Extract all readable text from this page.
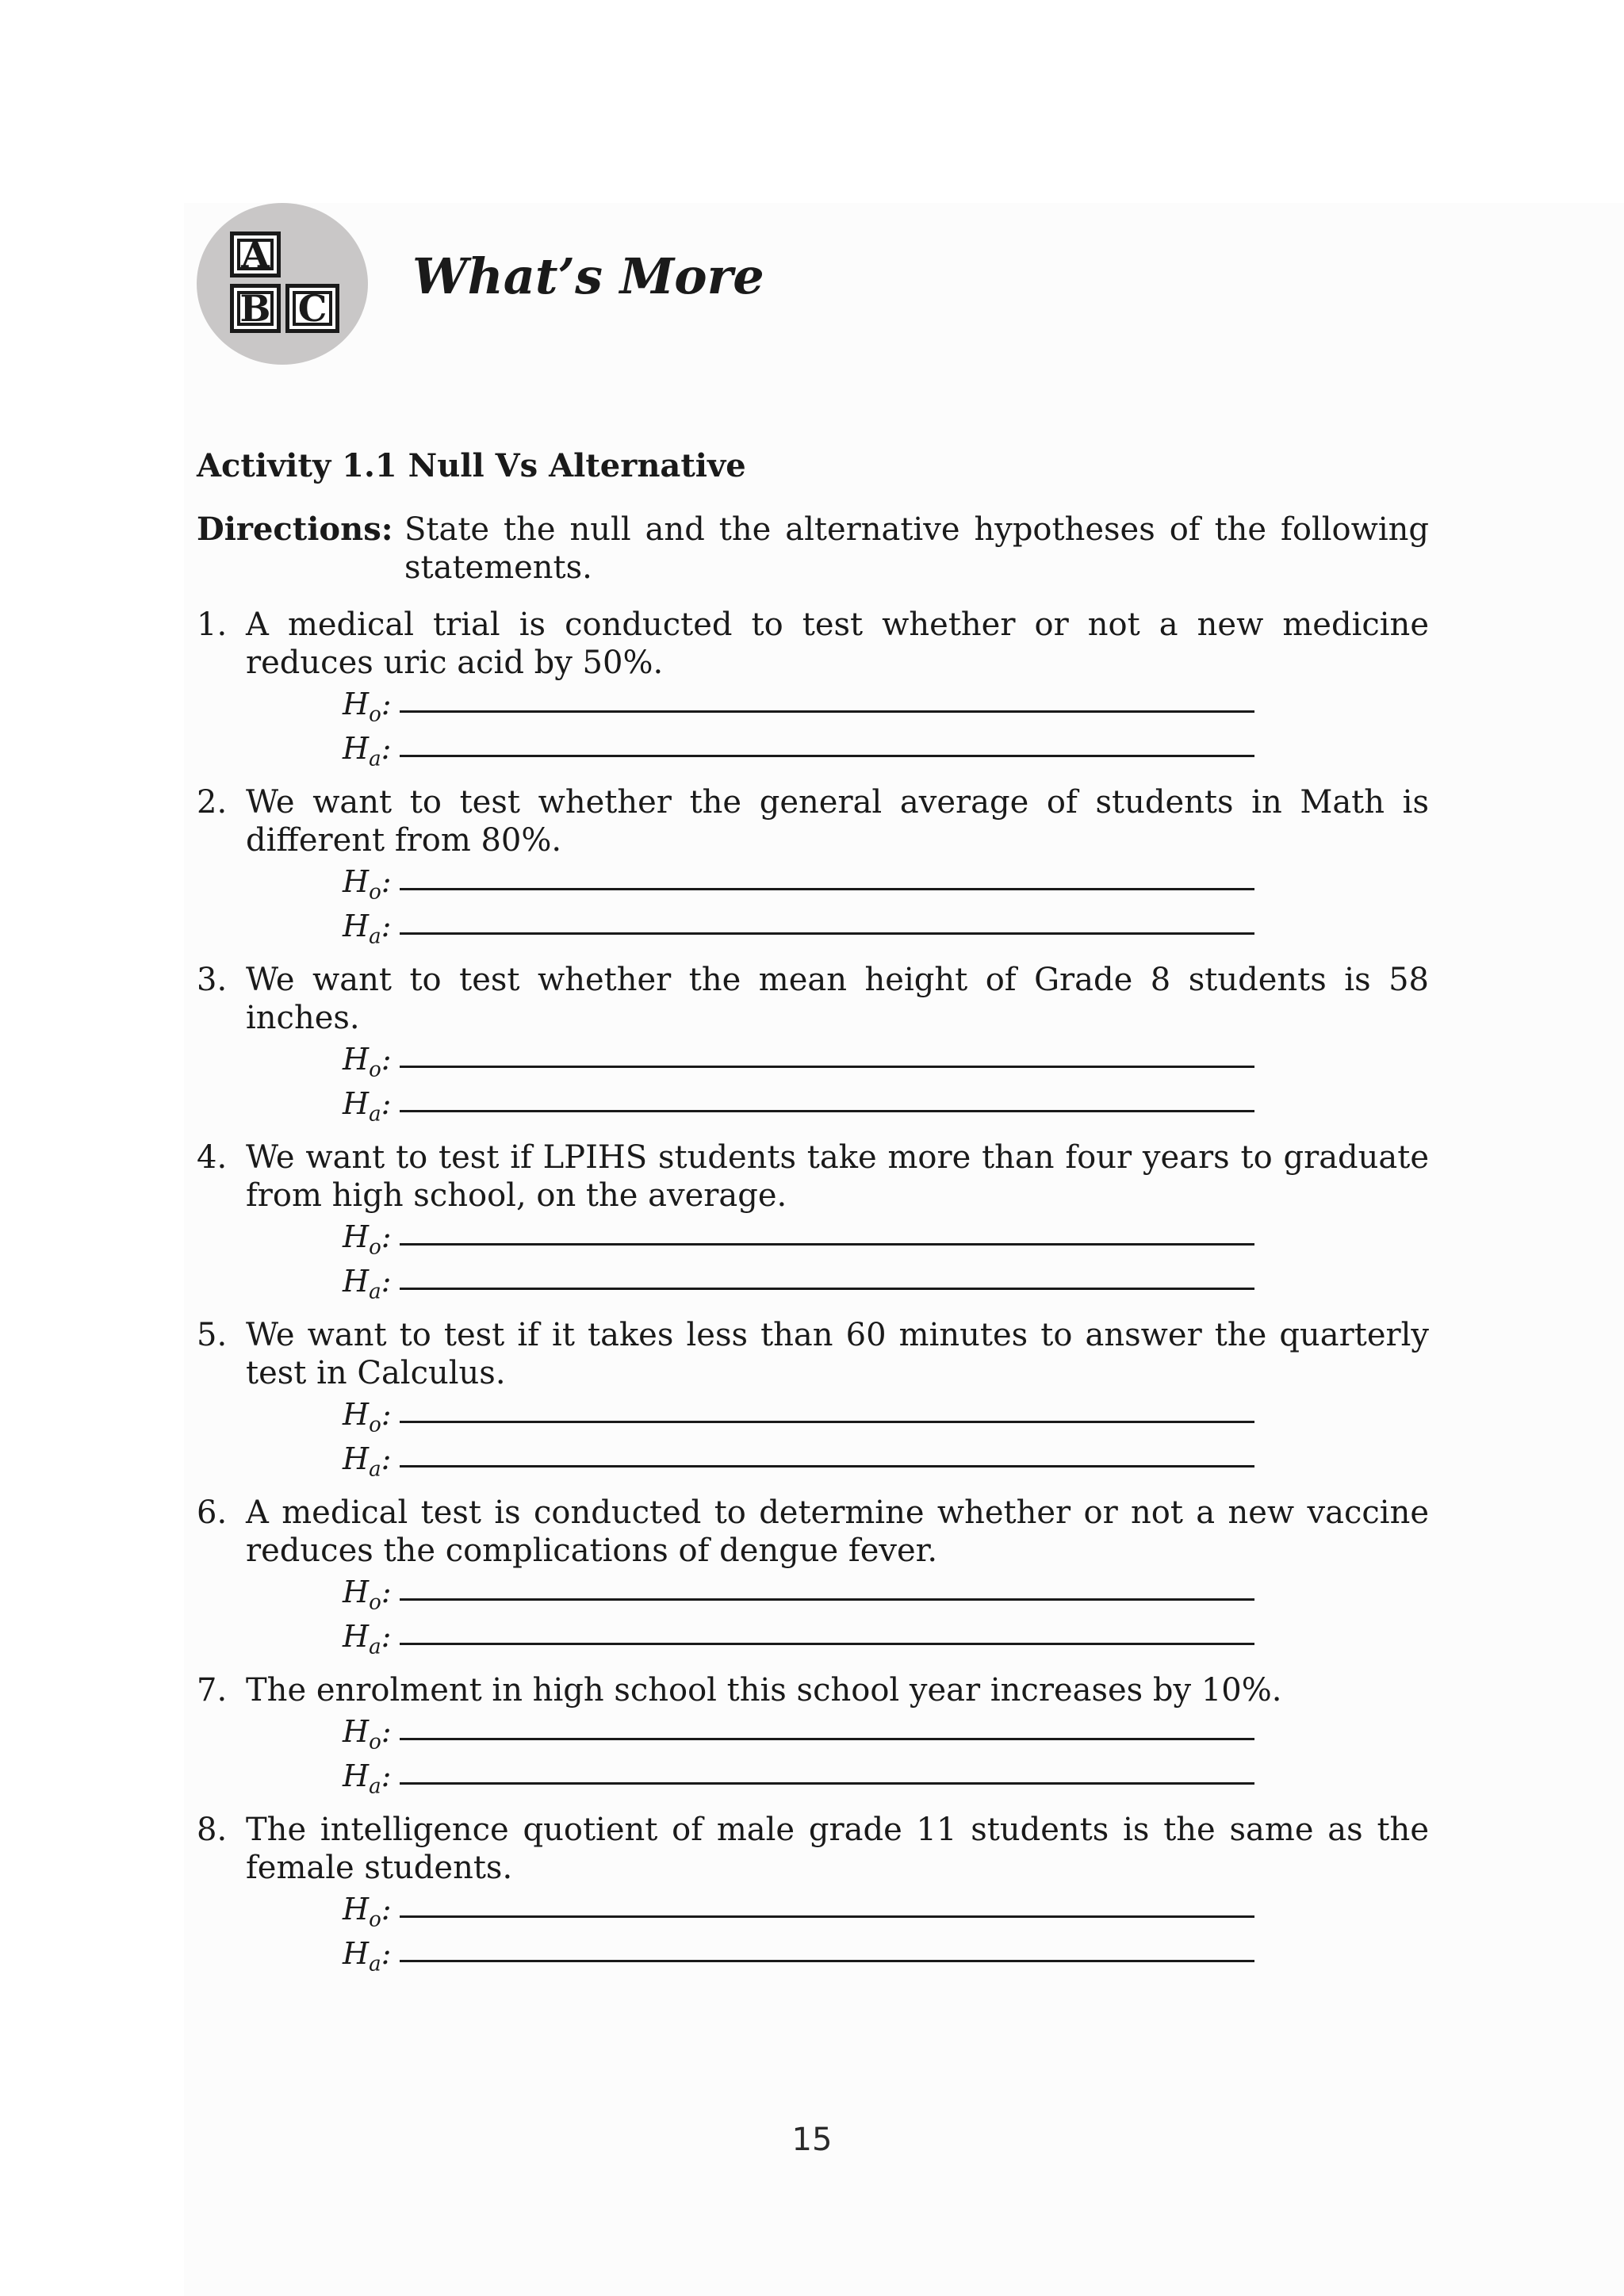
A
B C
What’s More
Activity 1.1 Null Vs Alternative
Directions: State the null and the alternative hypotheses of the following statements.
1. A medical trial is conducted to test whether or not a new medicine reduces uric acid by 50%.
$H_o$:
$H_a$:
2. We want to test whether the general average of students in Math is different from 80%.
$H_o$:
$H_a$:
3. We want to test whether the mean height of Grade 8 students is 58 inches.
$H_o$:
$H_a$:
4. We want to test if LPIHS students take more than four years to graduate from high school, on the average.
$H_o$:
$H_a$:
5. We want to test if it takes less than 60 minutes to answer the quarterly test in Calculus.
$H_o$:
$H_a$:
6. A medical test is conducted to determine whether or not a new vaccine reduces the complications of dengue fever.
$H_o$:
$H_a$:
7. The enrolment in high school this school year increases by 10%.
$H_o$:
$H_a$:
8. The intelligence quotient of male grade 11 students is the same as the female students.
$H_o$:
$H_a$:
15
